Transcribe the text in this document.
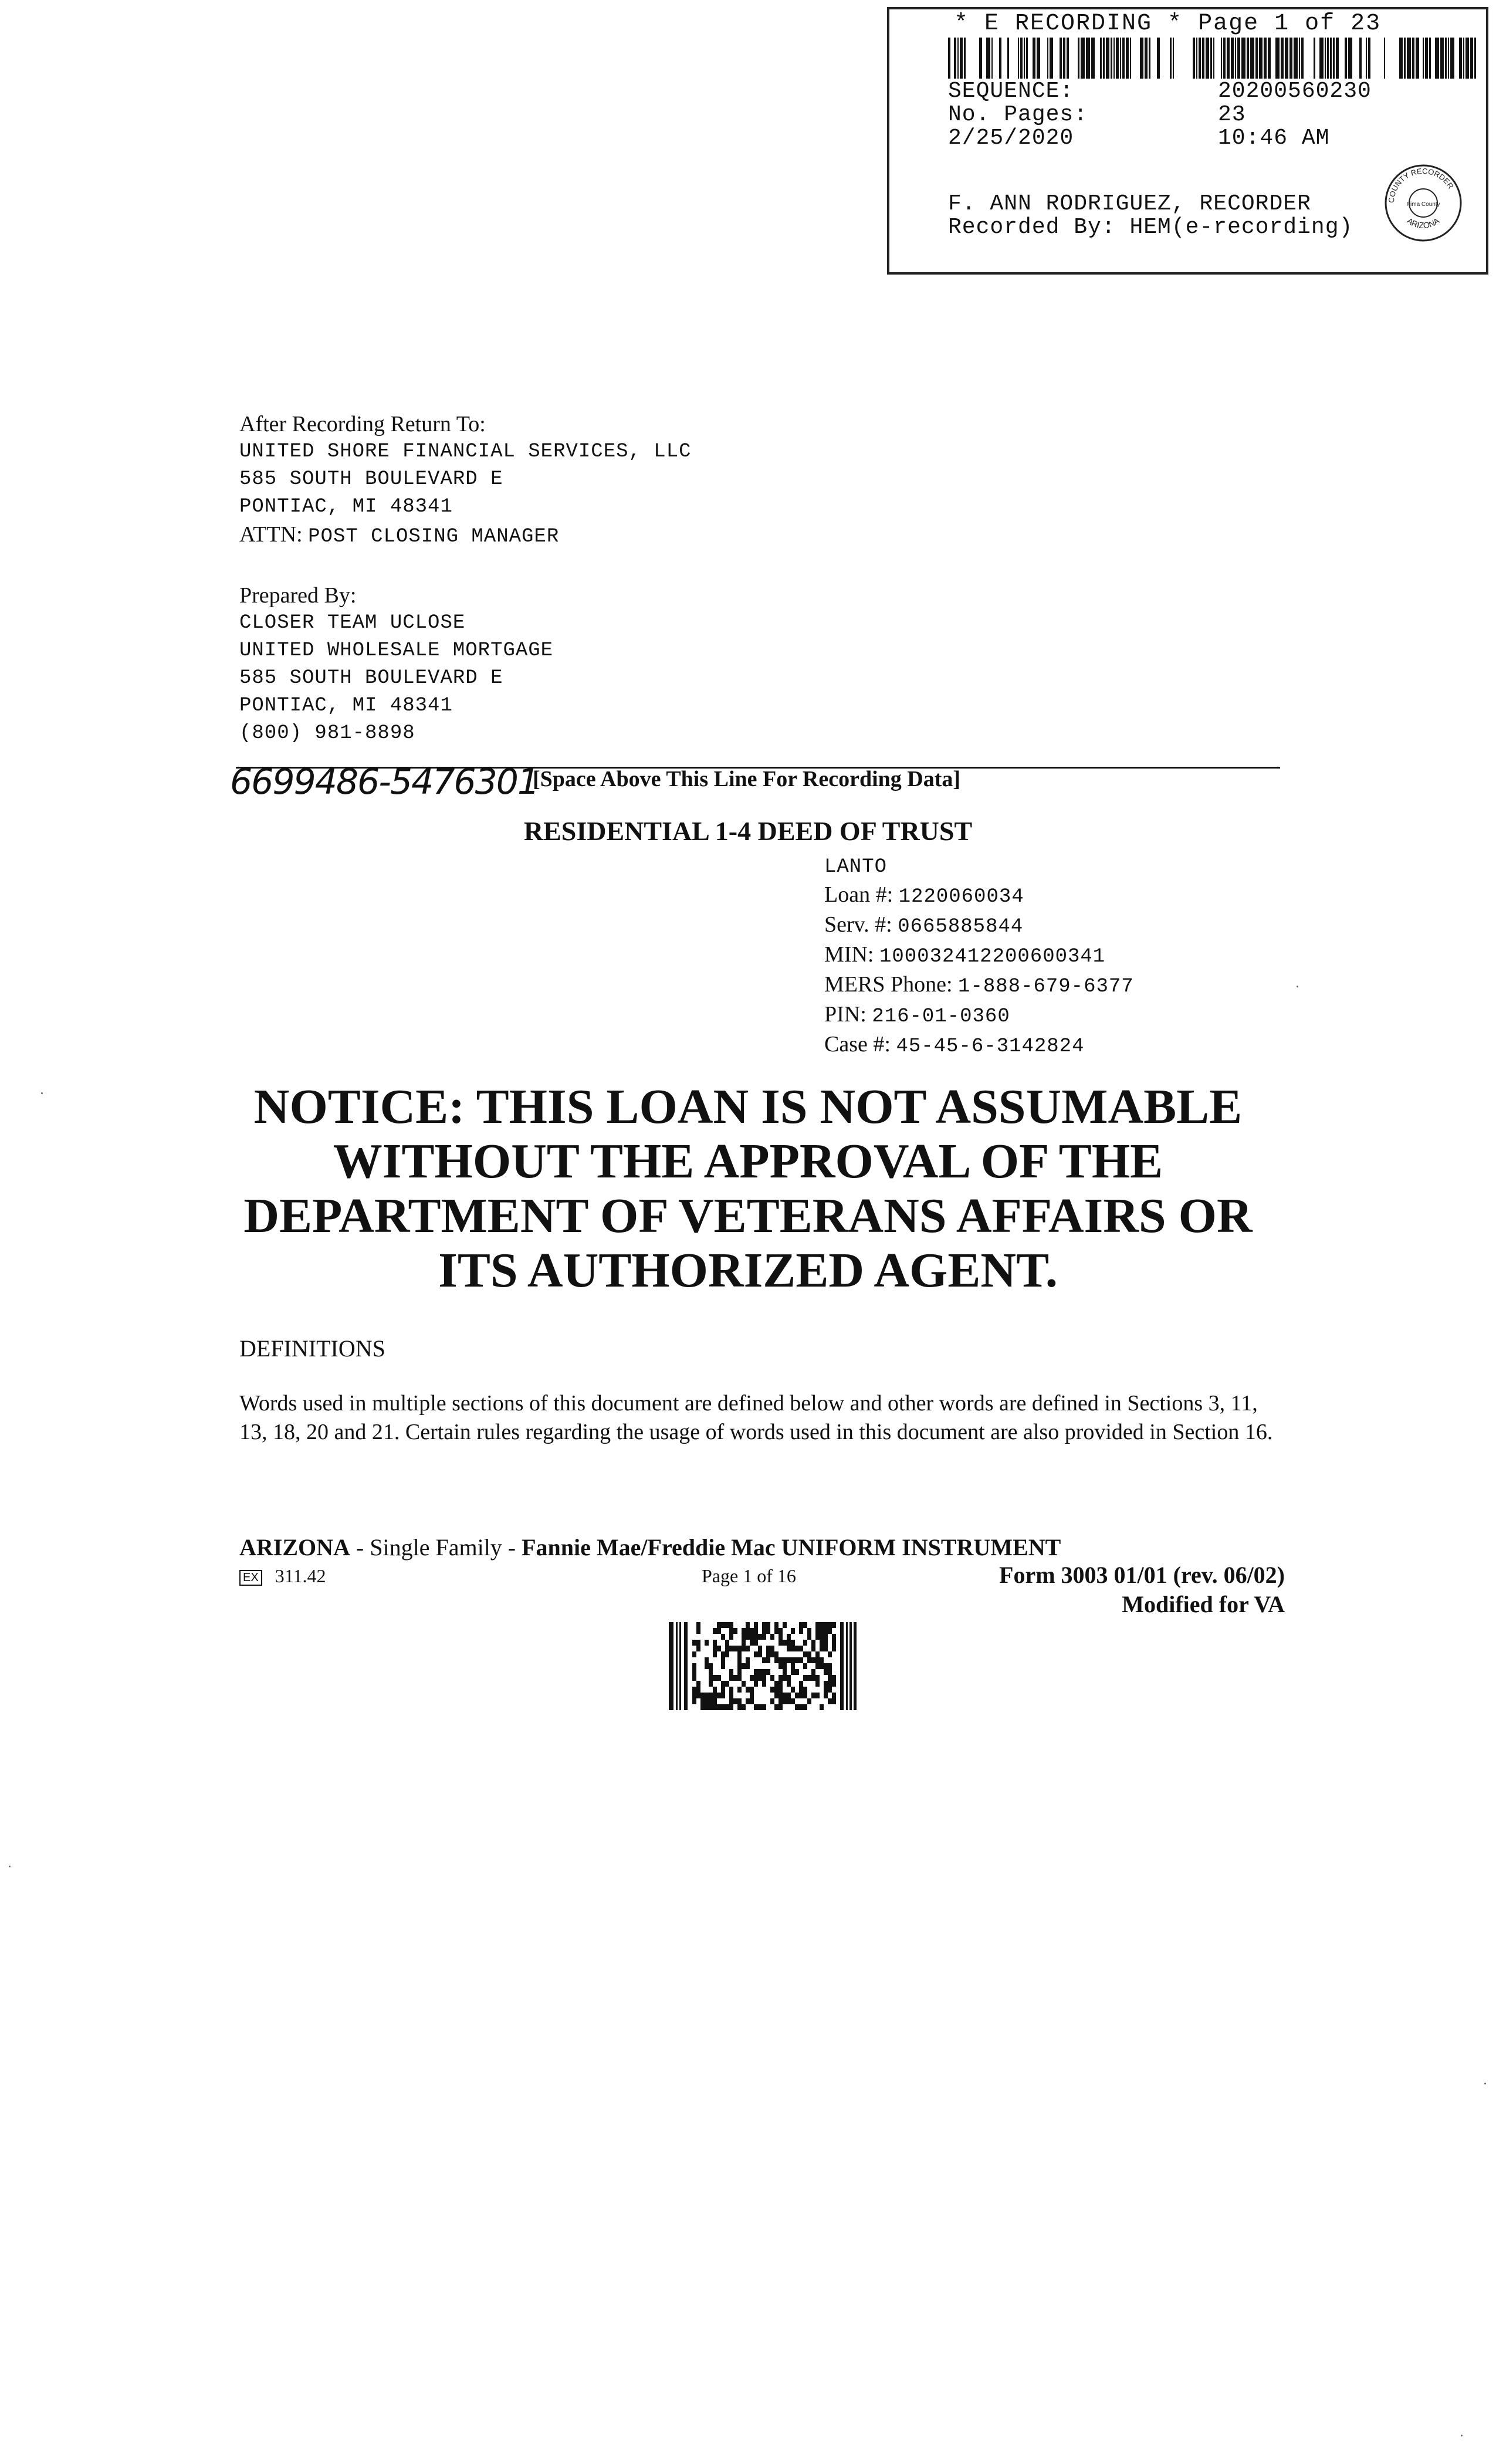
* E RECORDING * Page 1 of 23
SEQUENCE:	20200560230
No. Pages:	23
2/25/2020	10:46 AM
F. ANN RODRIGUEZ, RECORDER
Recorded By: HEM(e-recording)
COUNTY RECORDER
Pima County
ARIZONA
After Recording Return To:
UNITED SHORE FINANCIAL SERVICES, LLC
585 SOUTH BOULEVARD E
PONTIAC, MI 48341
ATTN: POST CLOSING MANAGER
Prepared By:
CLOSER TEAM UCLOSE
UNITED WHOLESALE MORTGAGE
585 SOUTH BOULEVARD E
PONTIAC, MI 48341
(800) 981-8898
6699486-5476301
[Space Above This Line For Recording Data]
RESIDENTIAL 1-4 DEED OF TRUST
LANTO
Loan #: 1220060034
Serv. #: 0665885844
MIN: 100032412200600341
MERS Phone: 1-888-679-6377
PIN: 216-01-0360
Case #: 45-45-6-3142824
NOTICE: THIS LOAN IS NOT ASSUMABLE
WITHOUT THE APPROVAL OF THE
DEPARTMENT OF VETERANS AFFAIRS OR
ITS AUTHORIZED AGENT.
DEFINITIONS
Words used in multiple sections of this document are defined below and other words are defined in Sections 3, 11, 13, 18, 20 and 21. Certain rules regarding the usage of words used in this document are also provided in Section 16.
ARIZONA - Single Family - Fannie Mae/Freddie Mac UNIFORM INSTRUMENT
EX 311.42	Page 1 of 16	Form 3003 01/01 (rev. 06/02)
Modified for VA
